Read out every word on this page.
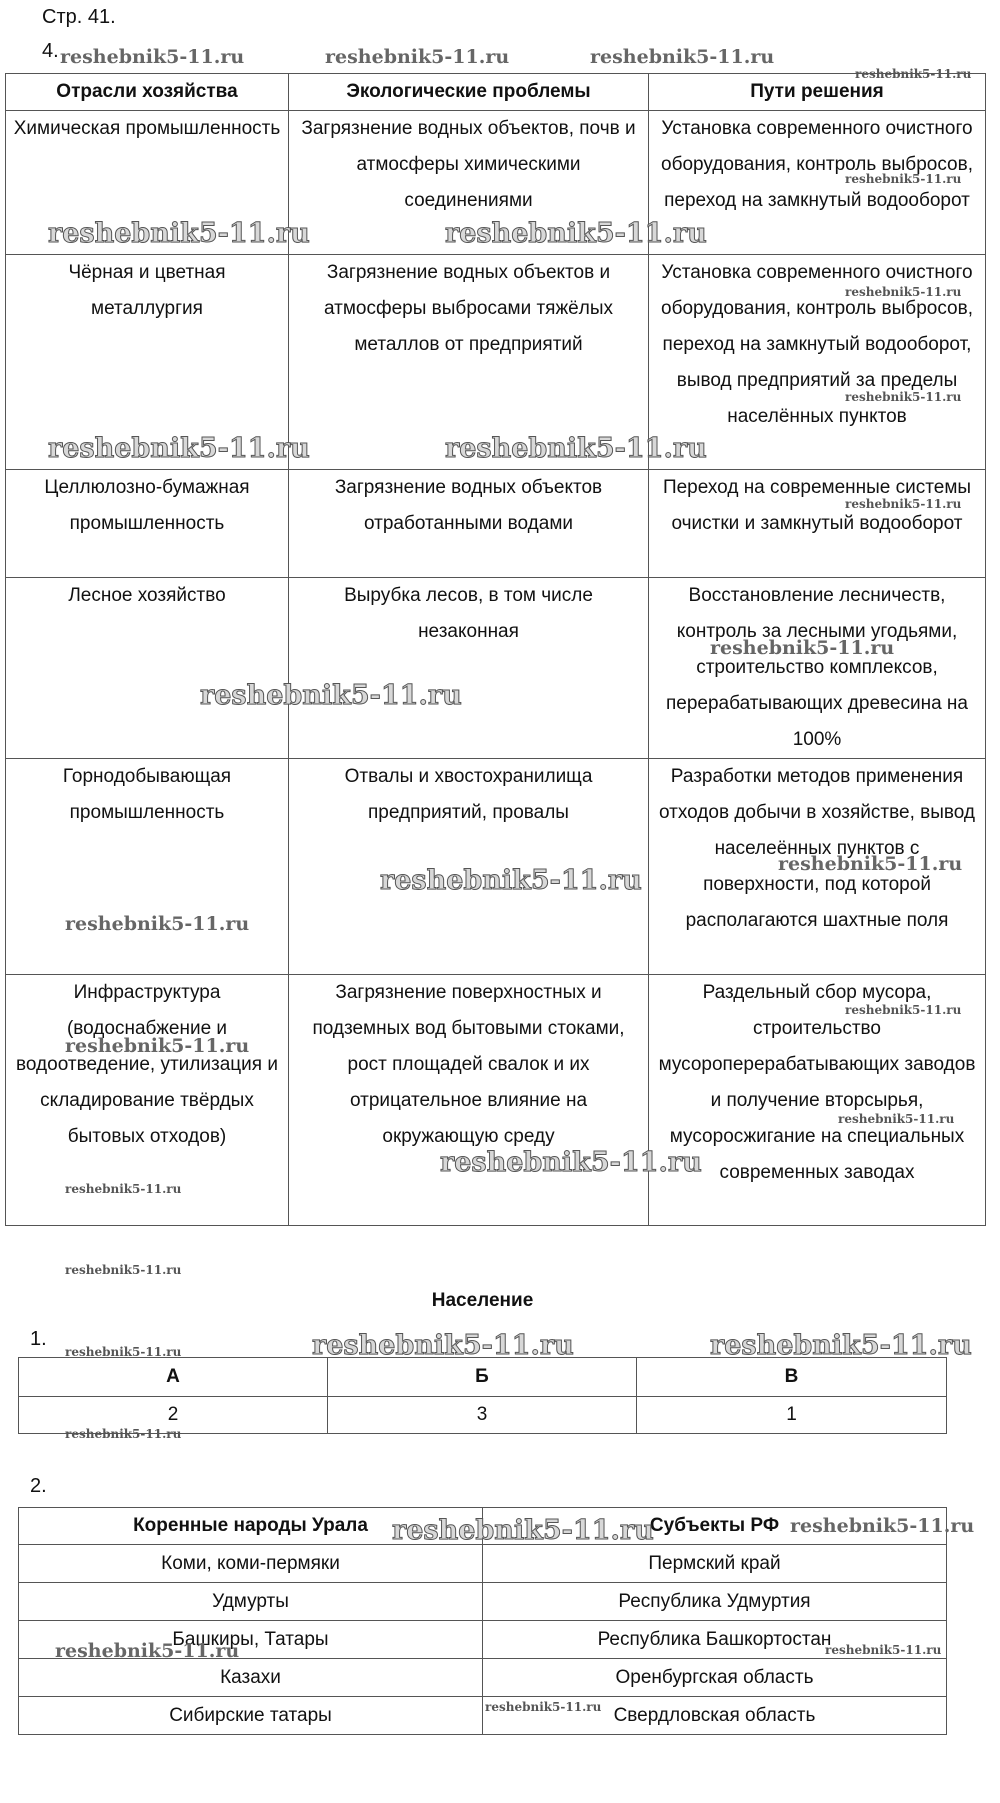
Стр. 41.
4.
Отрасли хозяйства	Экологические проблемы	Пути решения
Химическая промышленность	Загрязнение водных объектов, почв и атмосферы химическими соединениями	Установка современного очистного оборудования, контроль выбросов, переход на замкнутый водооборот
Чёрная и цветная металлургия	Загрязнение водных объектов и атмосферы выбросами тяжёлых металлов от предприятий	Установка современного очистного оборудования, контроль выбросов, переход на замкнутый водооборот, вывод предприятий за пределы населённых пунктов
Целлюлозно-бумажная промышленность	Загрязнение водных объектов отработанными водами	Переход на современные системы очистки и замкнутый водооборот
Лесное хозяйство	Вырубка лесов, в том числе незаконная	Восстановление лесничеств, контроль за лесными угодьями, строительство комплексов, перерабатывающих древесина на 100%
Горнодобывающая промышленность	Отвалы и хвостохранилища предприятий, провалы	Разработки методов применения отходов добычи в хозяйстве, вывод населеённых пунктов с поверхности, под которой располагаются шахтные поля
Инфраструктура (водоснабжение и водоотведение, утилизация и складирование твёрдых бытовых отходов)	Загрязнение поверхностных и подземных вод бытовыми стоками, рост площадей свалок и их отрицательное влияние на окружающую среду	Раздельный сбор мусора, строительство мусороперерабатывающих заводов и получение вторсырья, мусоросжигание на специальных современных заводах
Население
1.
А	Б	В
2	3	1
2.
Коренные народы Урала	Субъекты РФ
Коми, коми-пермяки	Пермский край
Удмурты	Республика Удмуртия
Башкиры, Татары	Республика Башкортостан
Казахи	Оренбургская область
Сибирские татары	Свердловская область
reshebnik5-11.ru	reshebnik5-11.ru	reshebnik5-11.ru
reshebnik5-11.ru
reshebnik5-11.ru
reshebnik5-11.ru	reshebnik5-11.ru
reshebnik5-11.ru
reshebnik5-11.ru
reshebnik5-11.ru	reshebnik5-11.ru
reshebnik5-11.ru
reshebnik5-11.ru
reshebnik5-11.ru
reshebnik5-11.ru
reshebnik5-11.ru
reshebnik5-11.ru
reshebnik5-11.ru
reshebnik5-11.ru
reshebnik5-11.ru
reshebnik5-11.ru
reshebnik5-11.ru
reshebnik5-11.ru
reshebnik5-11.ru	reshebnik5-11.ru
reshebnik5-11.ru
reshebnik5-11.ru
reshebnik5-11.ru	reshebnik5-11.ru
reshebnik5-11.ru	reshebnik5-11.ru
reshebnik5-11.ru
